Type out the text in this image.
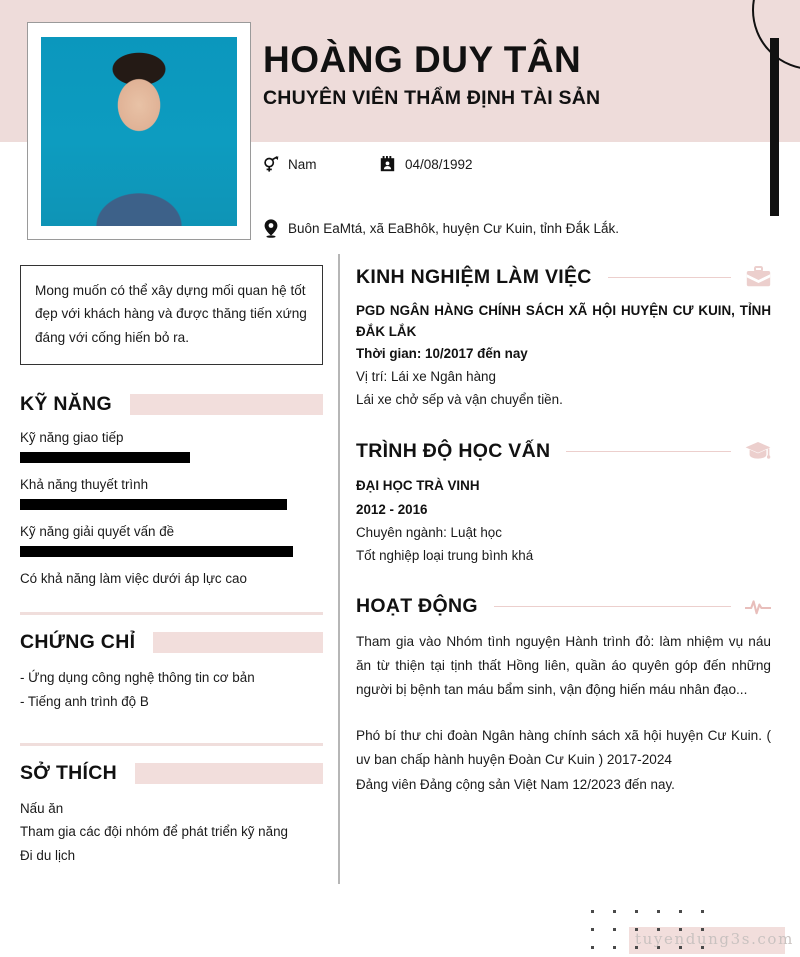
HOÀNG DUY TÂN
CHUYÊN VIÊN THẨM ĐỊNH TÀI SẢN
Nam	04/08/1992
Buôn EaMtá, xã EaBhôk, huyện Cư Kuin, tỉnh Đắk Lắk.
Mong muốn có thể xây dựng mối quan hệ tốt đẹp với khách hàng và được thăng tiến xứng đáng với cống hiến bỏ ra.
KỸ NĂNG
Kỹ năng giao tiếp
Khả năng thuyết trình
Kỹ năng giải quyết vấn đề
Có khả năng làm việc dưới áp lực cao
CHỨNG CHỈ
- Ứng dụng công nghệ thông tin cơ bản
- Tiếng anh trình độ B
SỞ THÍCH
Nấu ăn
Tham gia các đội nhóm để phát triển kỹ năng
Đi du lịch
KINH NGHIỆM LÀM VIỆC
PGD NGÂN HÀNG CHÍNH SÁCH XÃ HỘI HUYỆN CƯ KUIN, TỈNH ĐẮK LẮK
Thời gian: 10/2017 đến nay
Vị trí: Lái xe Ngân hàng
Lái xe chở sếp và vận chuyển tiền.
TRÌNH ĐỘ HỌC VẤN
ĐẠI HỌC TRÀ VINH
2012 - 2016
Chuyên ngành: Luật học
Tốt nghiệp loại trung bình khá
HOẠT ĐỘNG
Tham gia vào Nhóm tình nguyện Hành trình đỏ: làm nhiệm vụ náu ăn từ thiện tại tịnh thất Hồng liên, quần áo quyên góp đến những người bị bệnh tan máu bẩm sinh, vận động hiến máu nhân đạo...
Phó bí thư chi đoàn Ngân hàng chính sách xã hội huyện Cư Kuin. ( uv ban chấp hành huyện Đoàn Cư Kuin ) 2017-2024
Đảng viên Đảng cộng sản Việt Nam 12/2023 đến nay.
tuyendung3s.com
